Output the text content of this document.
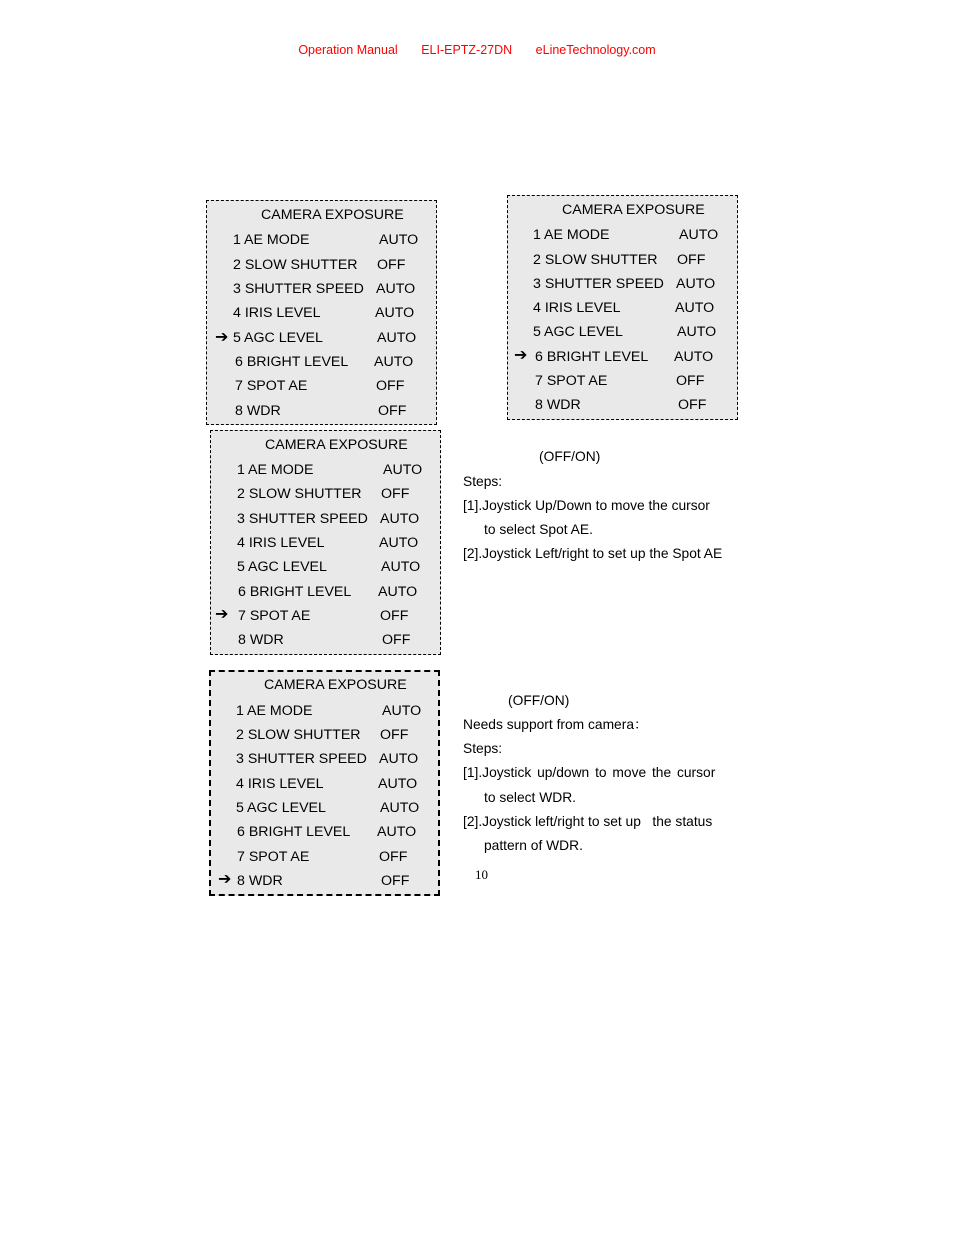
Operation Manual ELI-EPTZ-27DN eLineTechnology.com
CAMERA EXPOSURE
➔
1 AE MODE	AUTO
2 SLOW SHUTTER OFF
3 SHUTTER SPEED AUTO
4 IRIS LEVEL	AUTO
5 AGC LEVEL	AUTO
6 BRIGHT LEVEL AUTO
7 SPOT AE	OFF
8 WDR	OFF
CAMERA EXPOSURE
➔
1 AE MODE	AUTO
2 SLOW SHUTTER OFF
3 SHUTTER SPEED AUTO
4 IRIS LEVEL	AUTO
5 AGC LEVEL	AUTO
6 BRIGHT LEVEL AUTO
7 SPOT AE	OFF
8 WDR	OFF
CAMERA EXPOSURE
➔
1 AE MODE	AUTO
2 SLOW SHUTTER OFF
3 SHUTTER SPEED AUTO
4 IRIS LEVEL	AUTO
5 AGC LEVEL	AUTO
6 BRIGHT LEVEL AUTO
7 SPOT AE	OFF
8 WDR	OFF
CAMERA EXPOSURE
➔
1 AE MODE	AUTO
2 SLOW SHUTTER OFF
3 SHUTTER SPEED AUTO
4 IRIS LEVEL	AUTO
5 AGC LEVEL	AUTO
6 BRIGHT LEVEL AUTO
7 SPOT AE	OFF
8 WDR	OFF
(OFF/ON)
Steps:
[1].Joystick Up/Down to move the cursor
to select Spot AE.
[2].Joystick Left/right to set up the Spot AE
(OFF/ON)
Needs support from camera：
Steps:
[1].Joystick up/down to move the cursor
to select WDR.
[2].Joystick left/right to set up   the status
pattern of WDR.
10
